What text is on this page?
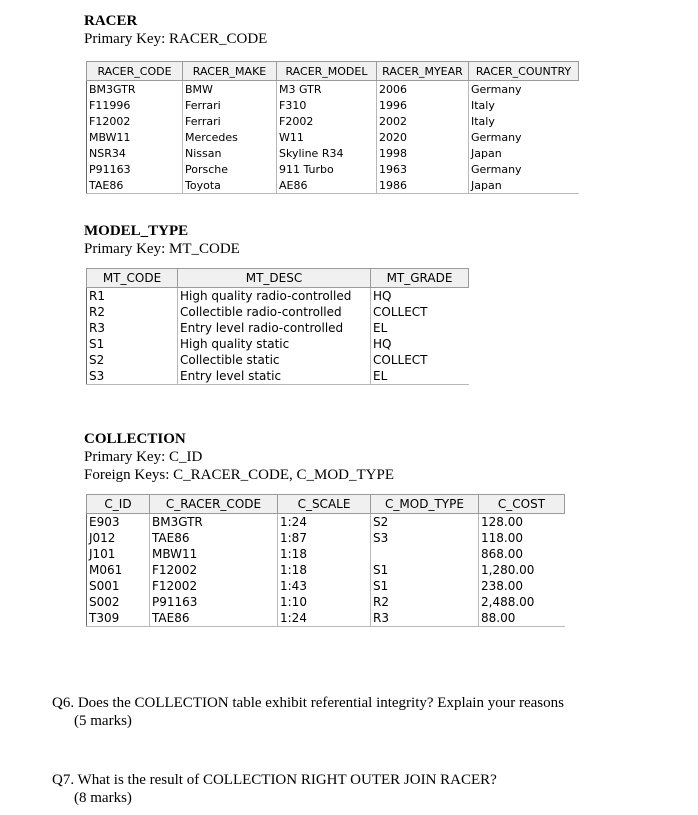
RACER
Primary Key: RACER_CODE
RACER_CODE	RACER_MAKE	RACER_MODEL	RACER_MYEAR	RACER_COUNTRY
BM3GTR	BMW	M3 GTR	2006	Germany
F11996	Ferrari	F310	1996	Italy
F12002	Ferrari	F2002	2002	Italy
MBW11	Mercedes	W11	2020	Germany
NSR34	Nissan	Skyline R34	1998	Japan
P91163	Porsche	911 Turbo	1963	Germany
TAE86	Toyota	AE86	1986	Japan
MODEL_TYPE
Primary Key: MT_CODE
MT_CODE	MT_DESC	MT_GRADE
R1	High quality radio-controlled	HQ
R2	Collectible radio-controlled	COLLECT
R3	Entry level radio-controlled	EL
S1	High quality static	HQ
S2	Collectible static	COLLECT
S3	Entry level static	EL
COLLECTION
Primary Key: C_ID
Foreign Keys: C_RACER_CODE, C_MOD_TYPE
C_ID	C_RACER_CODE	C_SCALE	C_MOD_TYPE	C_COST
E903	BM3GTR	1:24	S2	128.00
J012	TAE86	1:87	S3	118.00
J101	MBW11	1:18		868.00
M061	F12002	1:18	S1	1,280.00
S001	F12002	1:43	S1	238.00
S002	P91163	1:10	R2	2,488.00
T309	TAE86	1:24	R3	88.00
Q6. Does the COLLECTION table exhibit referential integrity? Explain your reasons
(5 marks)
Q7. What is the result of COLLECTION RIGHT OUTER JOIN RACER?
(8 marks)
